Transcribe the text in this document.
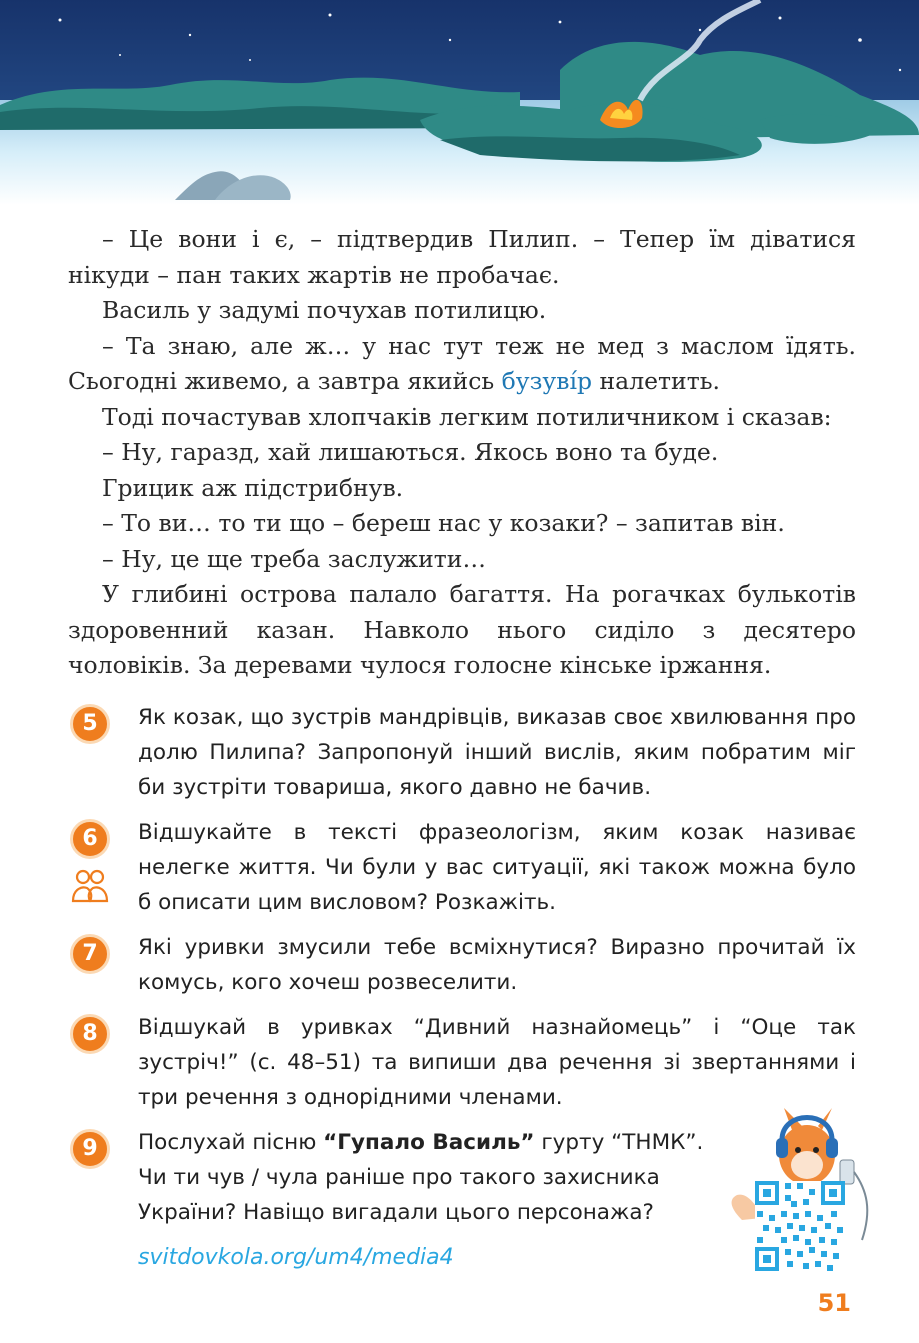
– Це вони і є, – підтвердив Пилип. – Тепер їм діватися нікуди – пан таких жартів не пробачає.

Василь у задумі почухав потилицю.

– Та знаю, але ж… у нас тут теж не мед з маслом їдять. Сьогодні живемо, а завтра якийсь бузуві́р налетить.

Тоді почастував хлопчаків легким потиличником і сказав:

– Ну, гаразд, хай лишаються. Якось воно та буде.

Грицик аж підстрибнув.

– То ви… то ти що – береш нас у козаки? – запитав він.

– Ну, це ще треба заслужити…

У глибині острова палало багаття. На рогачках булькотів здоровенний казан. Навколо нього сиділо з десятеро чоловіків. За деревами чулося голосне кінське іржання.

5	Як козак, що зустрів мандрівців, виказав своє хвилювання про долю Пилипа? Запропонуй інший вислів, яким побратим міг би зустріти товариша, якого давно не бачив.
6	Відшукайте в тексті фразеологізм, яким козак називає нелегке життя. Чи були у вас ситуації, які також можна було б описати цим висловом? Розкажіть.
7	Які уривки змусили тебе всміхнутися? Виразно прочитай їх комусь, кого хочеш розвеселити.
8	Відшукай в уривках “Дивний назнайомець” і “Оце так зустріч!” (с. 48–51) та випиши два речення зі звертаннями і три речення з однорідними членами.
9	Послухай пісню “Гупало Василь” гурту “ТНМК”. Чи ти чув / чула раніше про такого захисника України? Навіщо вигадали цього персонажа?
svitdovkola.org/um4/media4
51
